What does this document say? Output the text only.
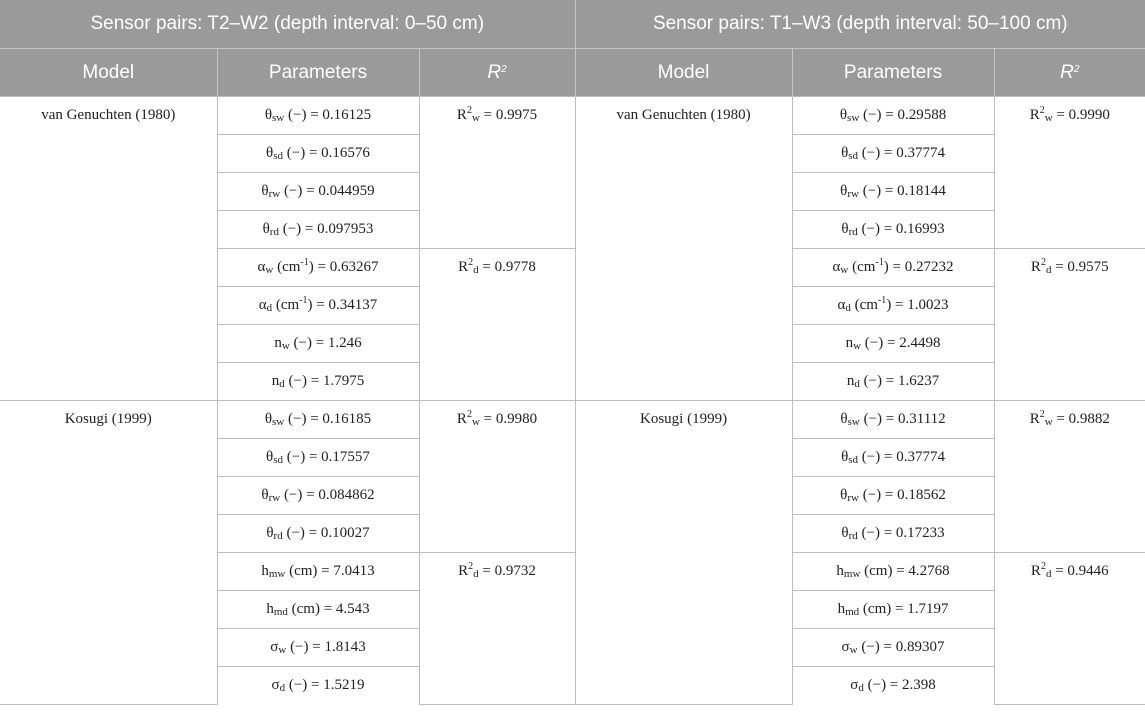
Sensor pairs: T2–W2 (depth interval: 0–50 cm)			Sensor pairs: T1–W3 (depth interval: 50–100 cm)		
Model	Parameters	$R^2$	Model	Parameters	$R^2$
van Genuchten (1980)	$\theta_{sw}$ (−) = 0.16125	$R^2_w = 0.9975$	van Genuchten (1980)	$\theta_{sw}$ (−) = 0.29588	$R^2_w = 0.9990$
	$\theta_{sd}$ (−) = 0.16576			$\theta_{sd}$ (−) = 0.37774	
	$\theta_{rw}$ (−) = 0.044959			$\theta_{rw}$ (−) = 0.18144	
	$\theta_{rd}$ (−) = 0.097953			$\theta_{rd}$ (−) = 0.16993	
	$\alpha_w$ $(cm^{-1}) = 0.63267$	$R^2_d = 0.9778$		$\alpha_w$ $(cm^{-1}) = 0.27232$	$R^2_d = 0.9575$
	$\alpha_d$ $(cm^{-1}) = 0.34137$			$\alpha_d$ $(cm^{-1}) = 1.0023$	
	$n_w$ (−) = 1.246			$n_w$ (−) = 2.4498	
	$n_d$ (−) = 1.7975			$n_d$ (−) = 1.6237	
Kosugi (1999)	$\theta_{sw}$ (−) = 0.16185	$R^2_w = 0.9980$	Kosugi (1999)	$\theta_{sw}$ (−) = 0.31112	$R^2_w = 0.9882$
	$\theta_{sd}$ (−) = 0.17557			$\theta_{sd}$ (−) = 0.37774	
	$\theta_{rw}$ (−) = 0.084862			$\theta_{rw}$ (−) = 0.18562	
	$\theta_{rd}$ (−) = 0.10027			$\theta_{rd}$ (−) = 0.17233	
	$h_{mw}$ (cm) = 7.0413	$R^2_d = 0.9732$		$h_{mw}$ (cm) = 4.2768	$R^2_d = 0.9446$
	$h_{md}$ (cm) = 4.543			$h_{md}$ (cm) = 1.7197	
	$\sigma_w$ (−) = 1.8143			$\sigma_w$ (−) = 0.89307	
	$\sigma_d$ (−) = 1.5219			$\sigma_d$ (−) = 2.398	
